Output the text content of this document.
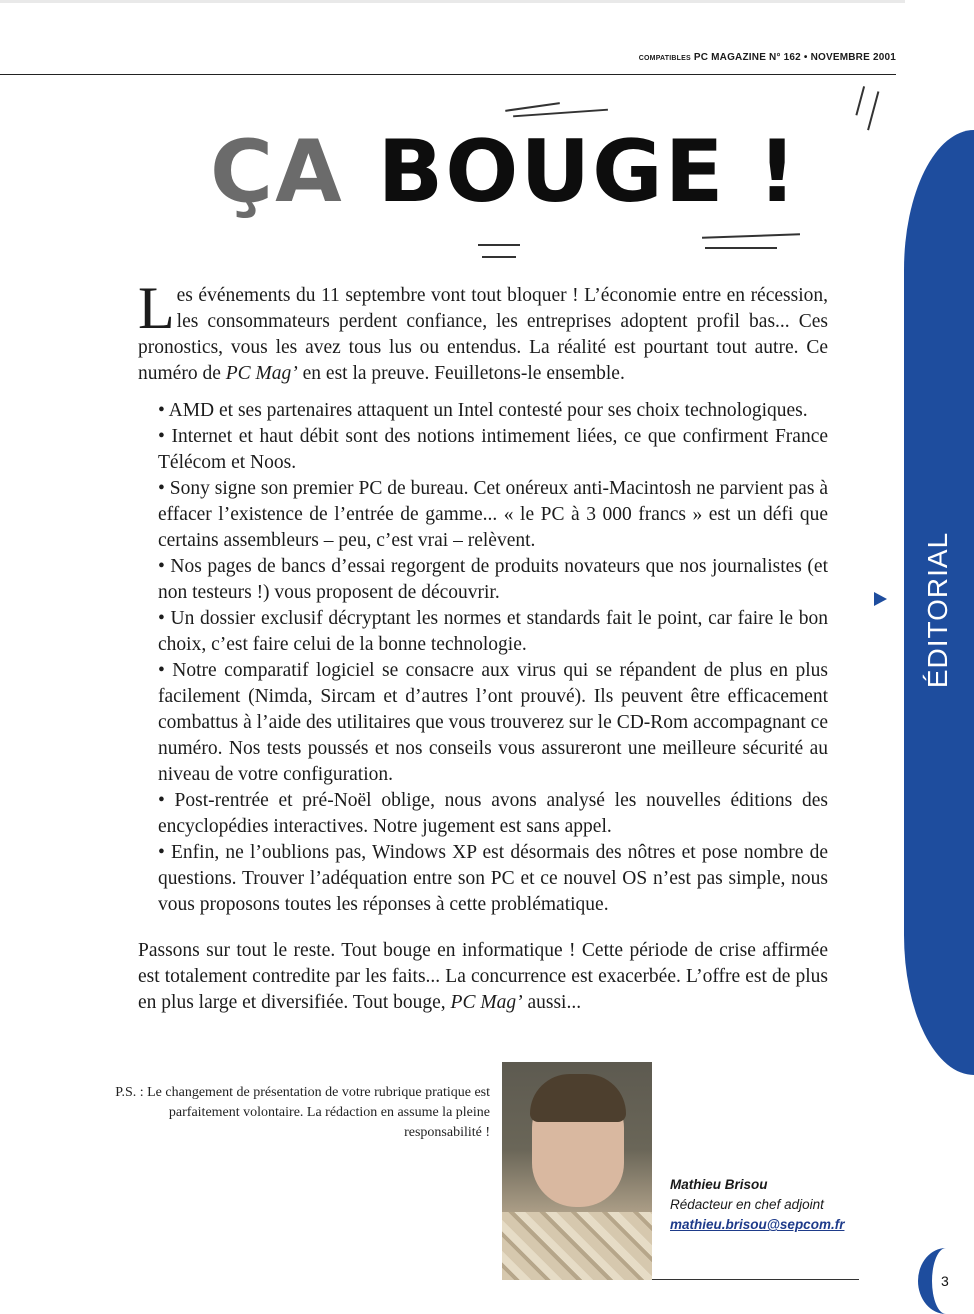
COMPATIBLES PC MAGAZINE N° 162 • NOVEMBRE 2001
ÉDITORIAL
ÇA BOUGE !

Les événements du 11 septembre vont tout bloquer ! L’économie entre en récession, les consommateurs perdent confiance, les entreprises adoptent profil bas... Ces pronostics, vous les avez tous lus ou entendus. La réalité est pourtant tout autre. Ce numéro de PC Mag’ en est la preuve. Feuilletons-le ensemble.

• AMD et ses partenaires attaquent un Intel contesté pour ses choix technologiques.

• Internet et haut débit sont des notions intimement liées, ce que confirment France Télécom et Noos.

• Sony signe son premier PC de bureau. Cet onéreux anti-Macintosh ne parvient pas à effacer l’existence de l’entrée de gamme... « le PC à 3 000 francs » est un défi que certains assembleurs – peu, c’est vrai – relèvent.

• Nos pages de bancs d’essai regorgent de produits novateurs que nos journalistes (et non testeurs !) vous proposent de découvrir.

• Un dossier exclusif décryptant les normes et standards fait le point, car faire le bon choix, c’est faire celui de la bonne technologie.

• Notre comparatif logiciel se consacre aux virus qui se répandent de plus en plus facilement (Nimda, Sircam et d’autres l’ont prouvé). Ils peuvent être efficacement combattus à l’aide des utilitaires que vous trouverez sur le CD-Rom accompagnant ce numéro. Nos tests poussés et nos conseils vous assureront une meilleure sécurité au niveau de votre configuration.

• Post-rentrée et pré-Noël oblige, nous avons analysé les nouvelles éditions des encyclopédies interactives. Notre jugement est sans appel.

• Enfin, ne l’oublions pas, Windows XP est désormais des nôtres et pose nombre de questions. Trouver l’adéquation entre son PC et ce nouvel OS n’est pas simple, nous vous proposons toutes les réponses à cette problématique.

Passons sur tout le reste. Tout bouge en informatique ! Cette période de crise affirmée est totalement contredite par les faits... La concurrence est exacerbée. L’offre est de plus en plus large et diversifiée. Tout bouge, PC Mag’ aussi...

P.S. : Le changement de présentation de votre rubrique pratique est parfaitement volontaire. La rédaction en assume la pleine responsabilité !
Mathieu Brisou
Rédacteur en chef adjoint
mathieu.brisou@sepcom.fr
3
